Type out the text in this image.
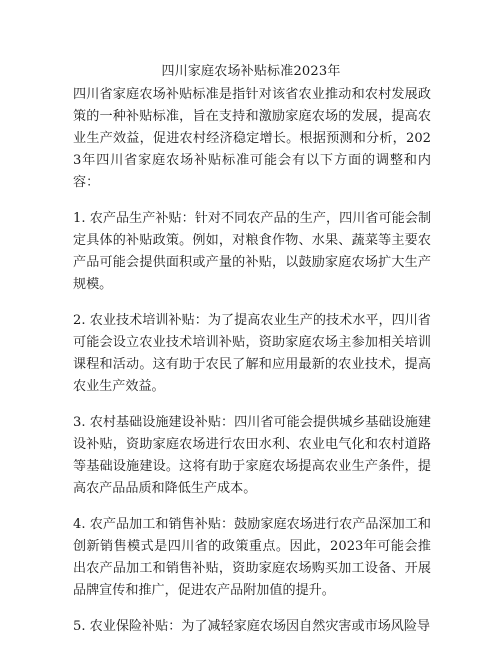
四川家庭农场补贴标准2023年

四川省家庭农场补贴标准是指针对该省农业推动和农村发展政策的一种补贴标准，旨在支持和激励家庭农场的发展，提高农业生产效益，促进农村经济稳定增长。根据预测和分析，2023年四川省家庭农场补贴标准可能会有以下方面的调整和内容：

1. 农产品生产补贴：针对不同农产品的生产，四川省可能会制定具体的补贴政策。例如，对粮食作物、水果、蔬菜等主要农产品可能会提供面积或产量的补贴，以鼓励家庭农场扩大生产规模。

2. 农业技术培训补贴：为了提高农业生产的技术水平，四川省可能会设立农业技术培训补贴，资助家庭农场主参加相关培训课程和活动。这有助于农民了解和应用最新的农业技术，提高农业生产效益。

3. 农村基础设施建设补贴：四川省可能会提供城乡基础设施建设补贴，资助家庭农场进行农田水利、农业电气化和农村道路等基础设施建设。这将有助于家庭农场提高农业生产条件，提高农产品品质和降低生产成本。

4. 农产品加工和销售补贴：鼓励家庭农场进行农产品深加工和创新销售模式是四川省的政策重点。因此，2023年可能会推出农产品加工和销售补贴，资助家庭农场购买加工设备、开展品牌宣传和推广，促进农产品附加值的提升。

5. 农业保险补贴：为了减轻家庭农场因自然灾害或市场风险导
